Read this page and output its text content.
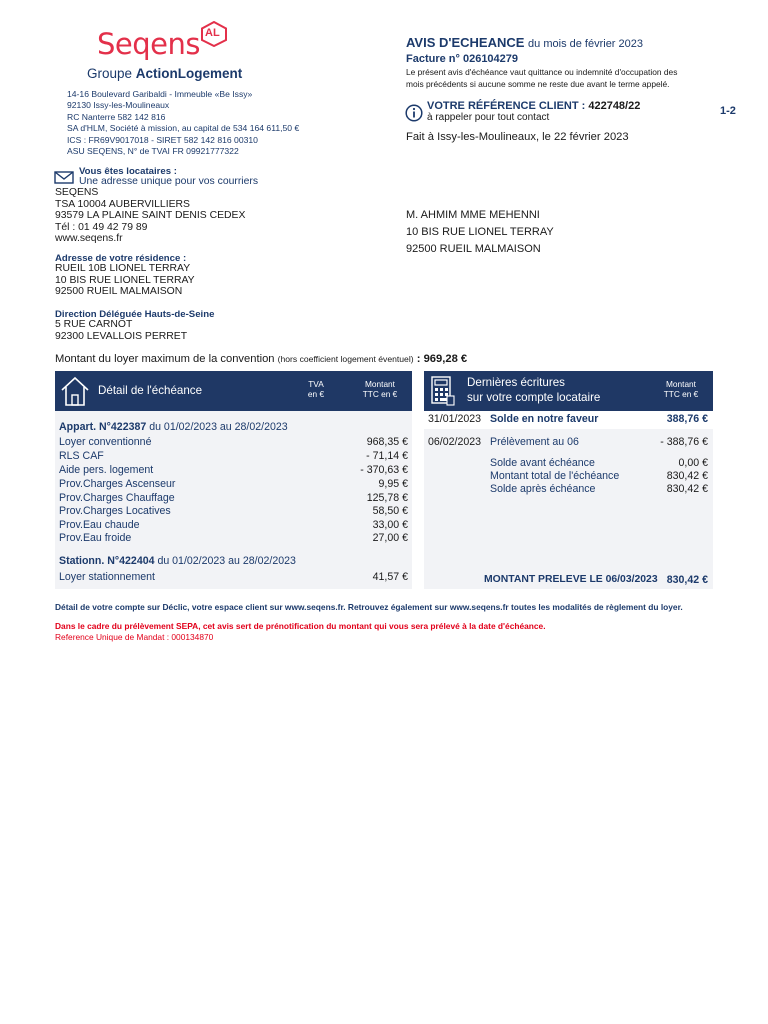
Seqens AL
Groupe ActionLogement
14-16 Boulevard Garibaldi - Immeuble «Be Issy»
92130 Issy-les-Moulineaux
RC Nanterre 582 142 816
SA d'HLM, Société à mission, au capital de 534 164 611,50 €
ICS : FR69V9017018 - SIRET 582 142 816 00310
ASU SEQENS, N° de TVAI FR 09921777322
Vous êtes locataires :
Une adresse unique pour vos courriers
SEQENS
TSA 10004 AUBERVILLIERS
93579 LA PLAINE SAINT DENIS CEDEX
Tél : 01 49 42 79 89
www.seqens.fr
Adresse de votre résidence :
RUEIL 10B LIONEL TERRAY
10 BIS RUE LIONEL TERRAY
92500 RUEIL MALMAISON
Direction Déléguée Hauts-de-Seine
5 RUE CARNOT
92300 LEVALLOIS PERRET
AVIS D'ECHEANCE du mois de février 2023
Facture n° 026104279
Le présent avis d'échéance vaut quittance ou indemnité d'occupation des
mois précédents si aucune somme ne reste due avant le terme appelé.
VOTRE RÉFÉRENCE CLIENT : 422748/22
à rappeler pour tout contact
1-2
Fait à Issy-les-Moulineaux, le 22 février 2023
M. AHMIM MME MEHENNI
10 BIS RUE LIONEL TERRAY
92500 RUEIL MALMAISON
Montant du loyer maximum de la convention (hors coefficient logement éventuel) : 969,28 €
Détail de l'échéance	TVA
en €
Montant
TTC en €
Appart. N°422387 du 01/02/2023 au 28/02/2023
Loyer conventionné	968,35 €
RLS CAF	- 71,14 €
Aide pers. logement	- 370,63 €
Prov.Charges Ascenseur	9,95 €
Prov.Charges Chauffage	125,78 €
Prov.Charges Locatives	58,50 €
Prov.Eau chaude	33,00 €
Prov.Eau froide	27,00 €
Stationn. N°422404 du 01/02/2023 au 28/02/2023
Loyer stationnement	41,57 €
Dernières écritures
sur votre compte locataire
Montant
TTC en €
31/01/2023 Solde en notre faveur	388,76 €
06/02/2023 Prélèvement au 06	- 388,76 €
Solde avant échéance	0,00 €
Montant total de l'échéance	830,42 €
Solde après échéance	830,42 €
MONTANT PRELEVE LE 06/03/2023 830,42 €
Détail de votre compte sur Déclic, votre espace client sur www.seqens.fr. Retrouvez également sur www.seqens.fr toutes les modalités de règlement du loyer.
Dans le cadre du prélèvement SEPA, cet avis sert de prénotification du montant qui vous sera prélevé à la date d'échéance.
Reference Unique de Mandat : 000134870
